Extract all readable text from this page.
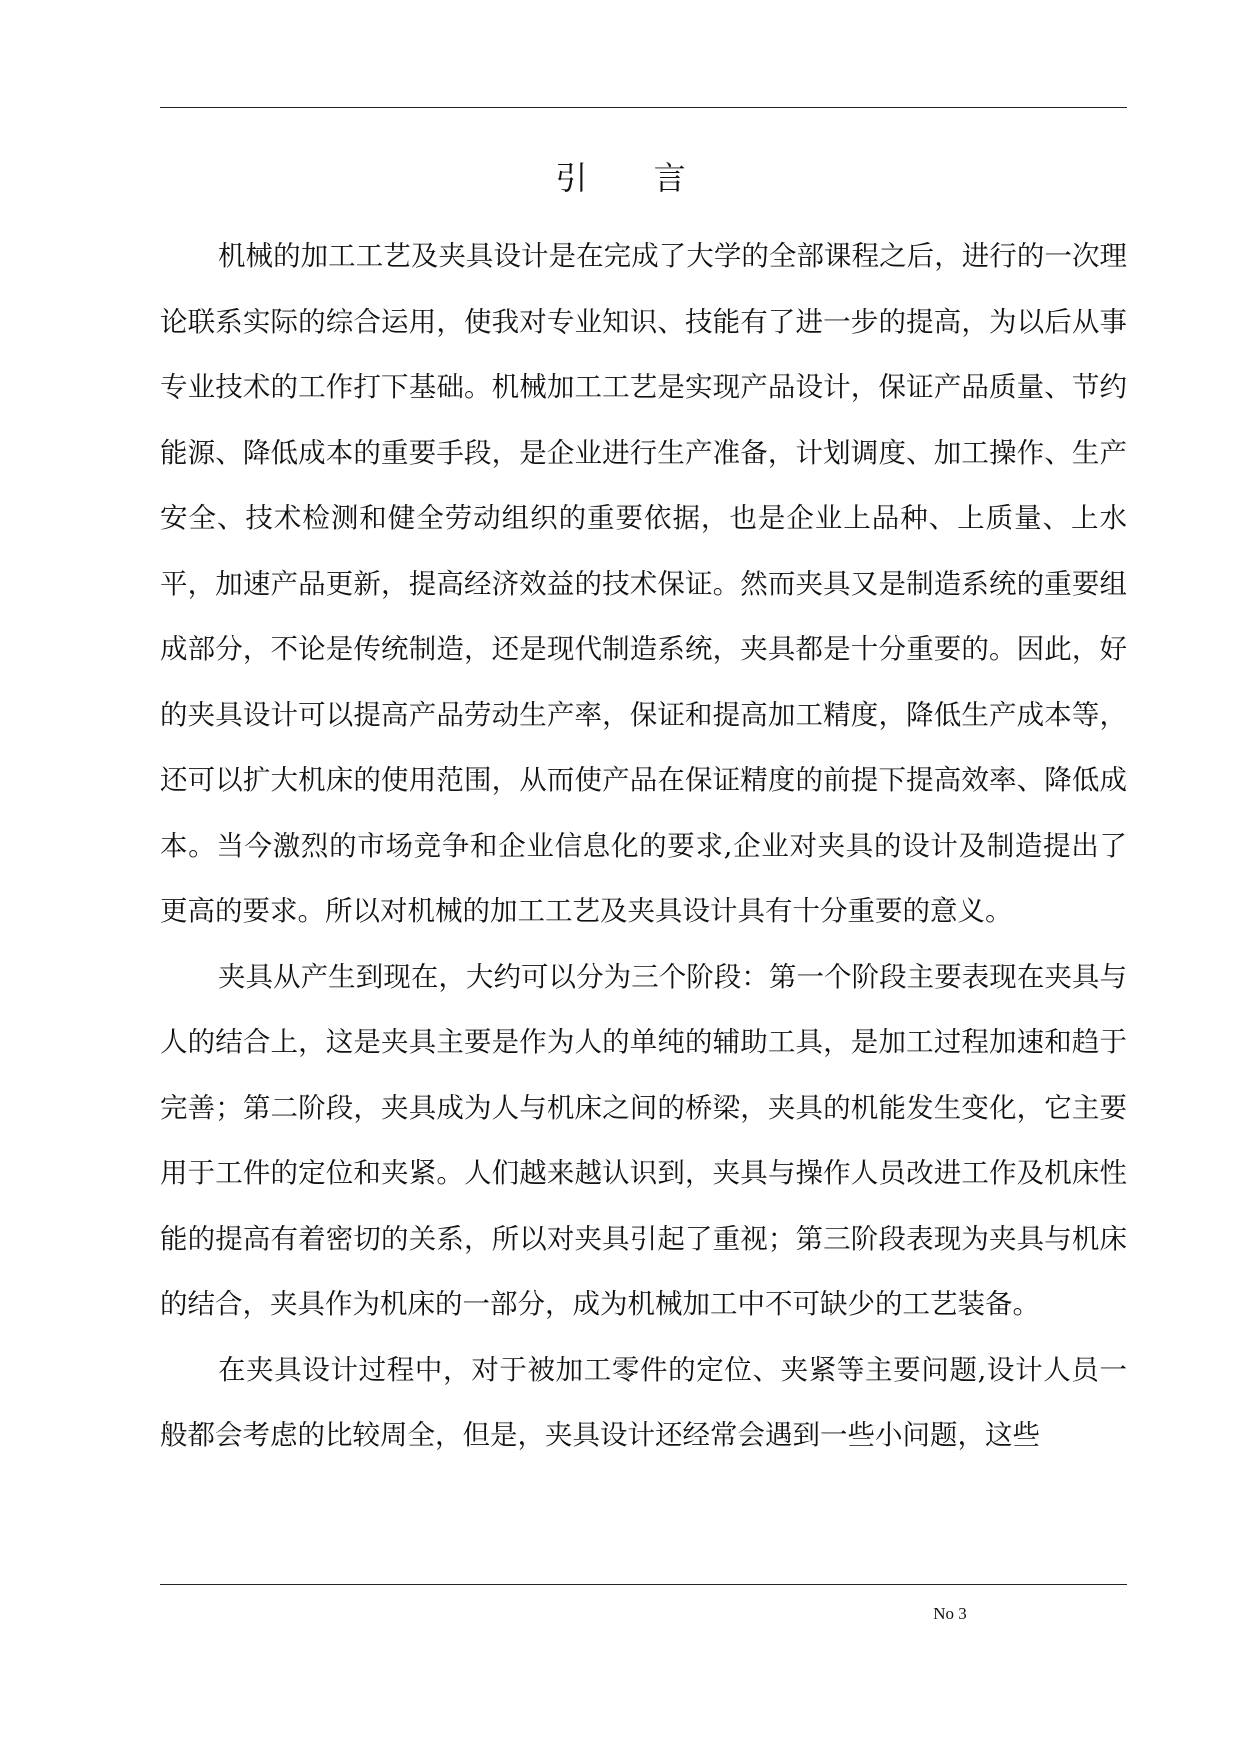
引 言

机械的加工工艺及夹具设计是在完成了大学的全部课程之后，进行的一次理论联系实际的综合运用，使我对专业知识、技能有了进一步的提高，为以后从事专业技术的工作打下基础。机械加工工艺是实现产品设计，保证产品质量、节约能源、降低成本的重要手段，是企业进行生产准备，计划调度、加工操作、生产安全、技术检测和健全劳动组织的重要依据，也是企业上品种、上质量、上水平，加速产品更新，提高经济效益的技术保证。然而夹具又是制造系统的重要组成部分，不论是传统制造，还是现代制造系统，夹具都是十分重要的。因此，好的夹具设计可以提高产品劳动生产率，保证和提高加工精度，降低生产成本等，还可以扩大机床的使用范围，从而使产品在保证精度的前提下提高效率、降低成本。当今激烈的市场竞争和企业信息化的要求,企业对夹具的设计及制造提出了更高的要求。所以对机械的加工工艺及夹具设计具有十分重要的意义。

夹具从产生到现在，大约可以分为三个阶段：第一个阶段主要表现在夹具与人的结合上，这是夹具主要是作为人的单纯的辅助工具，是加工过程加速和趋于完善；第二阶段，夹具成为人与机床之间的桥梁，夹具的机能发生变化，它主要用于工件的定位和夹紧。人们越来越认识到，夹具与操作人员改进工作及机床性能的提高有着密切的关系，所以对夹具引起了重视；第三阶段表现为夹具与机床的结合，夹具作为机床的一部分，成为机械加工中不可缺少的工艺装备。

在夹具设计过程中，对于被加工零件的定位、夹紧等主要问题,设计人员一般都会考虑的比较周全，但是，夹具设计还经常会遇到一些小问题，这些

No 3
